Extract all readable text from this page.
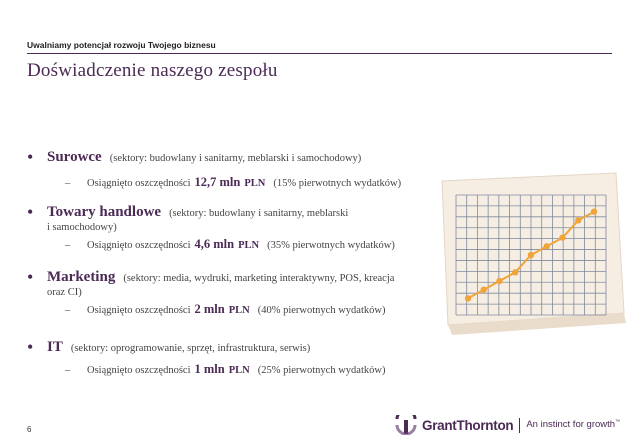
Uwalniamy potencjał rozwoju Twojego biznesu
Doświadczenie naszego zespołu
• Surowce (sektory: budowlany i sanitarny, meblarski i samochodowy)
–	Osiągnięto oszczędności 12,7 mln PLN (15% pierwotnych wydatków)
• Towary handlowe (sektory: budowlany i sanitarny, meblarski
i samochodowy)
–	Osiągnięto oszczędności 4,6 mln PLN (35% pierwotnych wydatków)
• Marketing (sektory: media, wydruki, marketing interaktywny, POS, kreacja
oraz CI)
–	Osiągnięto oszczędności 2 mln PLN (40% pierwotnych wydatków)
• IT (sektory: oprogramowanie, sprzęt, infrastruktura, serwis)
–	Osiągnięto oszczędności 1 mln PLN (25% pierwotnych wydatków)
6	GrantThornton An instinct for growth™
